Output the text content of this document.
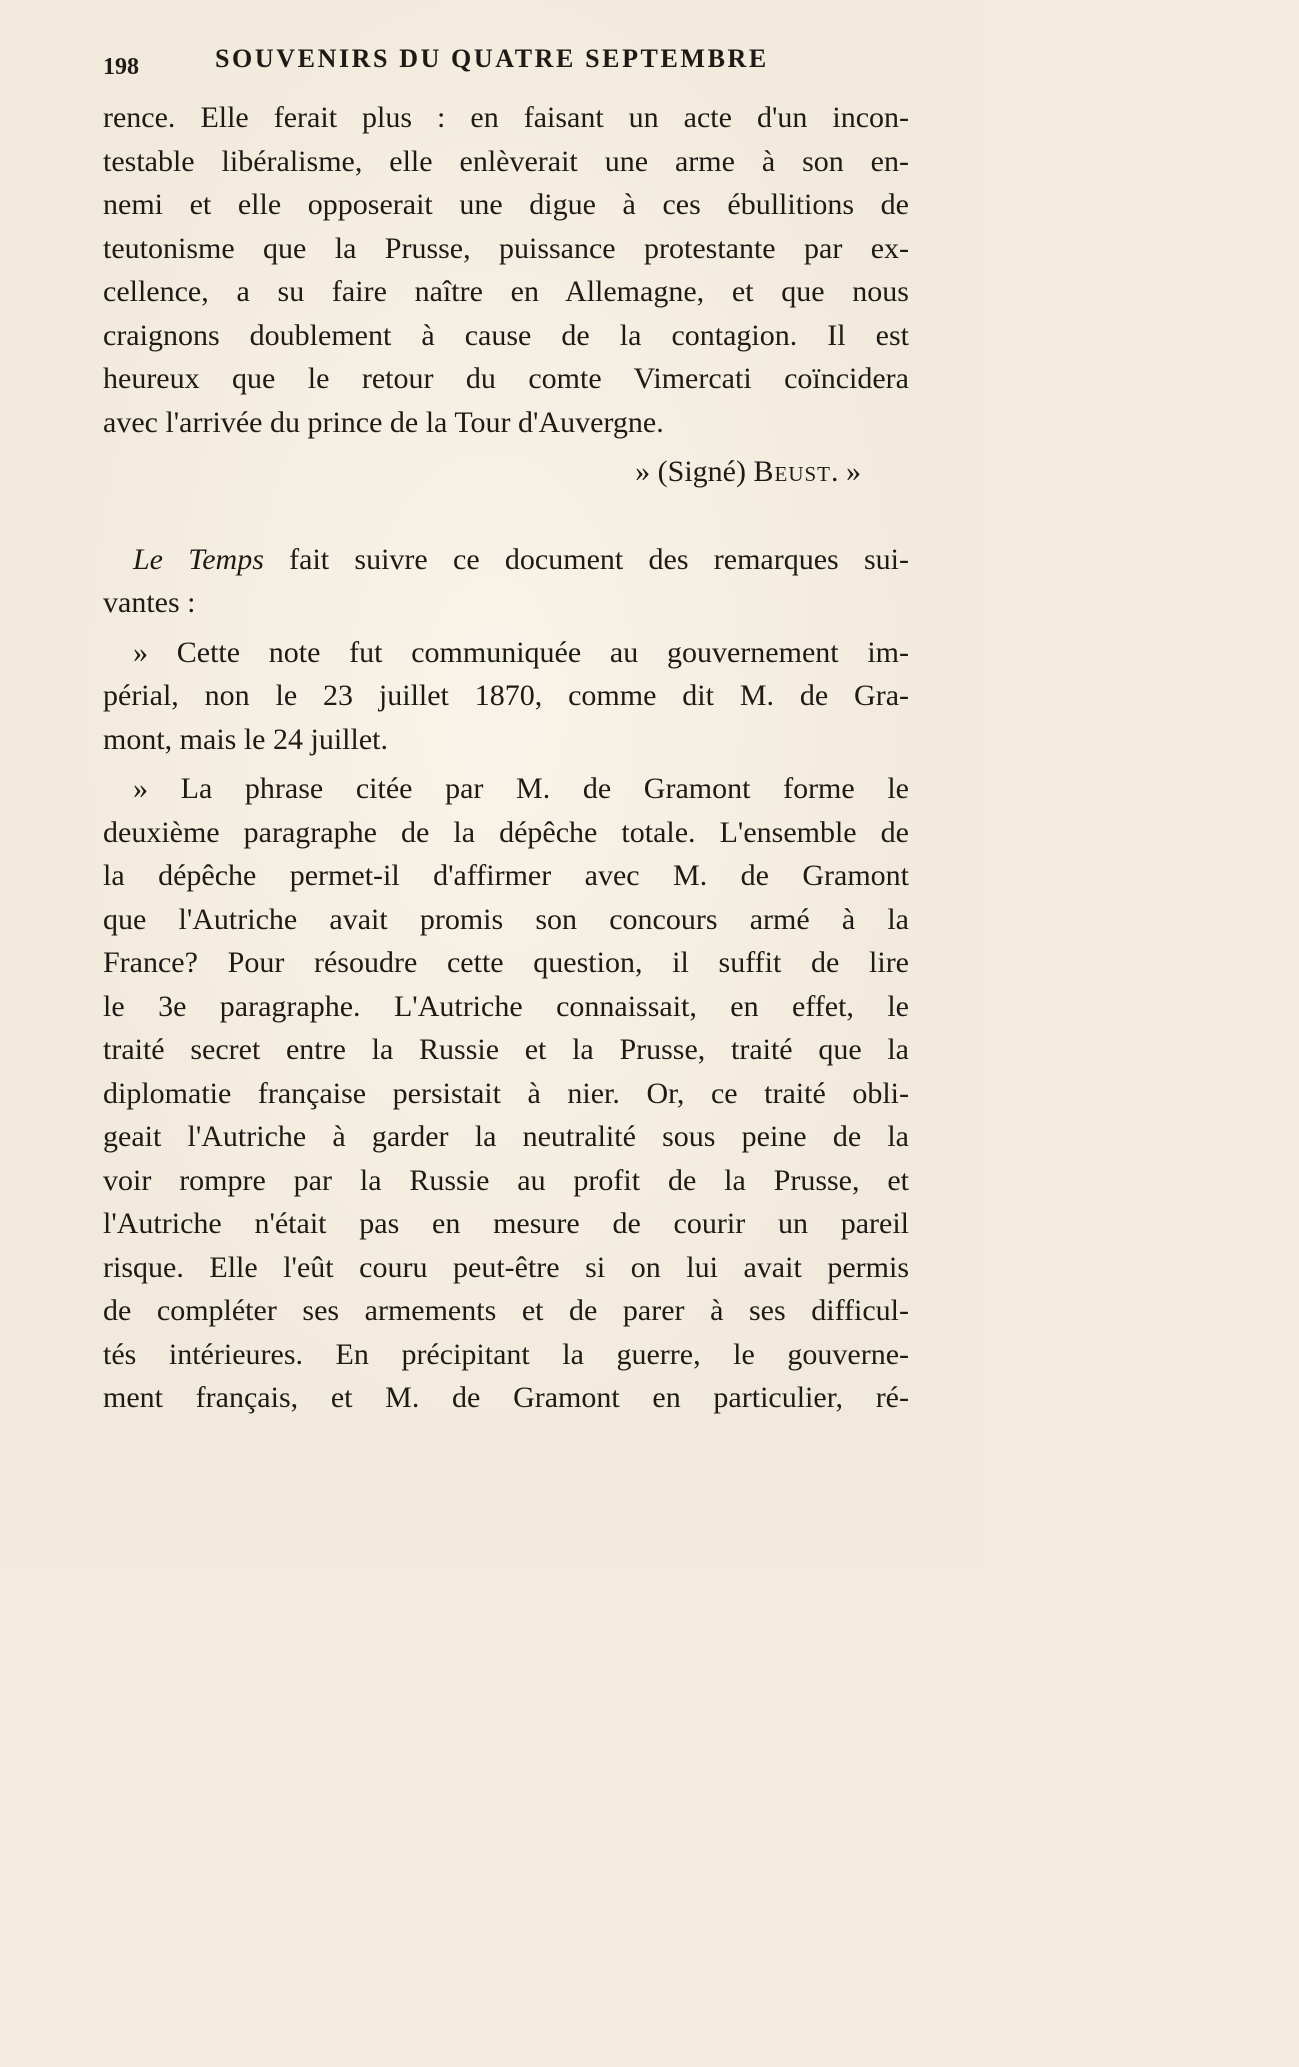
198	SOUVENIRS DU QUATRE SEPTEMBRE
rence. Elle ferait plus : en faisant un acte d'un incon-
testable libéralisme, elle enlèverait une arme à son en-
nemi et elle opposerait une digue à ces ébullitions de
teutonisme que la Prusse, puissance protestante par ex-
cellence, a su faire naître en Allemagne, et que nous
craignons doublement à cause de la contagion. Il est
heureux que le retour du comte Vimercati coïncidera
avec l'arrivée du prince de la Tour d'Auvergne.
» (Signé) Beust. »
Le Temps fait suivre ce document des remarques sui-
vantes :
» Cette note fut communiquée au gouvernement im-
périal, non le 23 juillet 1870, comme dit M. de Gra-
mont, mais le 24 juillet.
» La phrase citée par M. de Gramont forme le
deuxième paragraphe de la dépêche totale. L'ensemble de
la dépêche permet-il d'affirmer avec M. de Gramont
que l'Autriche avait promis son concours armé à la
France? Pour résoudre cette question, il suffit de lire
le 3e paragraphe. L'Autriche connaissait, en effet, le
traité secret entre la Russie et la Prusse, traité que la
diplomatie française persistait à nier. Or, ce traité obli-
geait l'Autriche à garder la neutralité sous peine de la
voir rompre par la Russie au profit de la Prusse, et
l'Autriche n'était pas en mesure de courir un pareil
risque. Elle l'eût couru peut-être si on lui avait permis
de compléter ses armements et de parer à ses difficul-
tés intérieures. En précipitant la guerre, le gouverne-
ment français, et M. de Gramont en particulier, ré-
